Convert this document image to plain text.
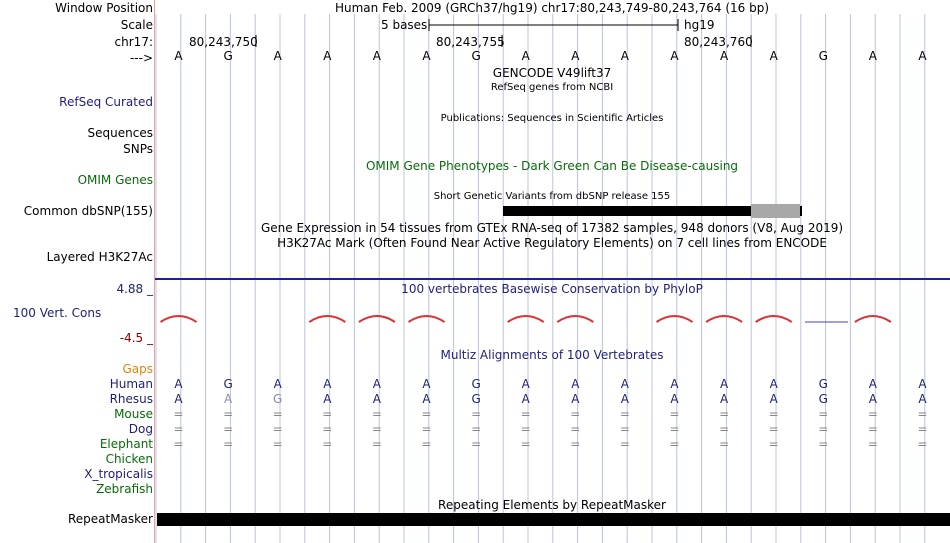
Window Position	Human Feb. 2009 (GRCh37/hg19) chr17:80,243,749-80,243,764 (16 bp)
Scale	5 bases	hg19
chr17:	80,243,750	80,243,755	80,243,760
--->	A	G	A	A	A	A	G	A	A	A	A	A	A	G	A	A
GENCODE V49lift37
RefSeq genes from NCBI
RefSeq Curated
Publications: Sequences in Scientific Articles
Sequences
SNPs
OMIM Gene Phenotypes - Dark Green Can Be Disease-causing
OMIM Genes
Short Genetic Variants from dbSNP release 155
Common dbSNP(155)
Gene Expression in 54 tissues from GTEx RNA-seq of 17382 samples, 948 donors (V8, Aug 2019)
H3K27Ac Mark (Often Found Near Active Regulatory Elements) on 7 cell lines from ENCODE
Layered H3K27Ac
4.88 _	100 vertebrates Basewise Conservation by PhyloP
100 Vert. Cons
-4.5 _
Multiz Alignments of 100 Vertebrates
Gaps
Human	A	G	A	A	A	A	G	A	A	A	A	A	A	G	A	A
Rhesus	A	A	G	A	A	A	G	A	A	A	A	A	A	G	A	A
Mouse	=	=	=	=	=	=	=	=	=	=	=	=	=	=	=	=
Dog	=	=	=	=	=	=	=	=	=	=	=	=	=	=	=	=
Elephant	=	=	=	=	=	=	=	=	=	=	=	=	=	=	=	=
Chicken
X_tropicalis
Zebrafish
Repeating Elements by RepeatMasker
RepeatMasker
